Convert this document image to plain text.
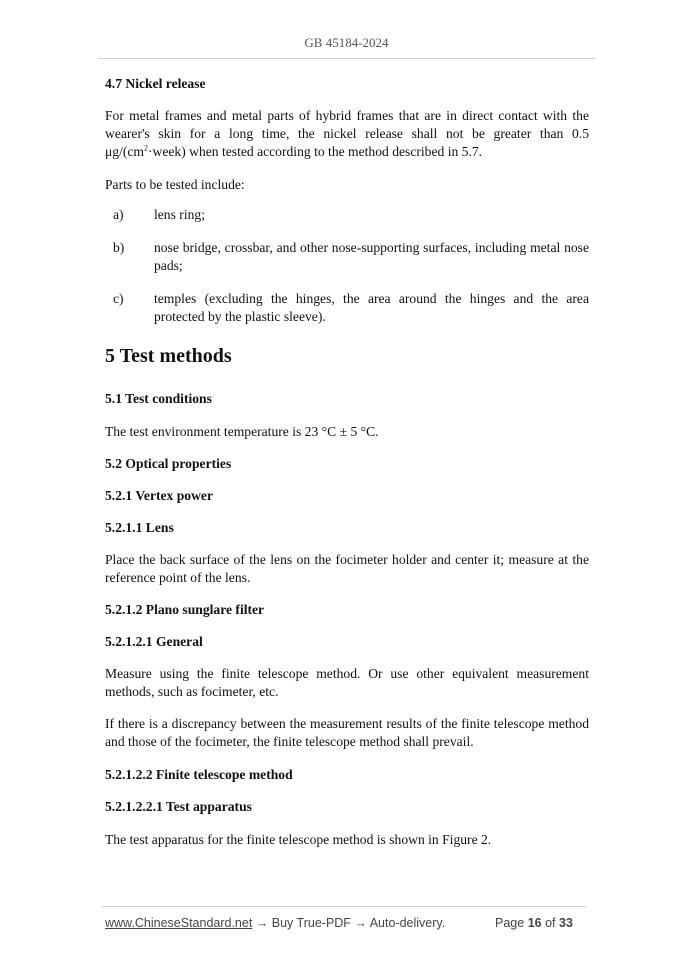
GB 45184-2024
4.7 Nickel release
For metal frames and metal parts of hybrid frames that are in direct contact with the wearer's skin for a long time, the nickel release shall not be greater than 0.5 $\mu g/(cm^2\cdot week)$ when tested according to the method described in 5.7.
Parts to be tested include:
a) lens ring;
b) nose bridge, crossbar, and other nose-supporting surfaces, including metal nose pads;
c) temples (excluding the hinges, the area around the hinges and the area protected by the plastic sleeve).
5 Test methods
5.1 Test conditions
The test environment temperature is 23 °C ± 5 °C.
5.2 Optical properties
5.2.1 Vertex power
5.2.1.1 Lens
Place the back surface of the lens on the focimeter holder and center it; measure at the reference point of the lens.
5.2.1.2 Plano sunglare filter
5.2.1.2.1 General
Measure using the finite telescope method. Or use other equivalent measurement methods, such as focimeter, etc.
If there is a discrepancy between the measurement results of the finite telescope method and those of the focimeter, the finite telescope method shall prevail.
5.2.1.2.2 Finite telescope method
5.2.1.2.2.1 Test apparatus
The test apparatus for the finite telescope method is shown in Figure 2.
www.ChineseStandard.net → Buy True-PDF → Auto-delivery.	Page 16 of 33
